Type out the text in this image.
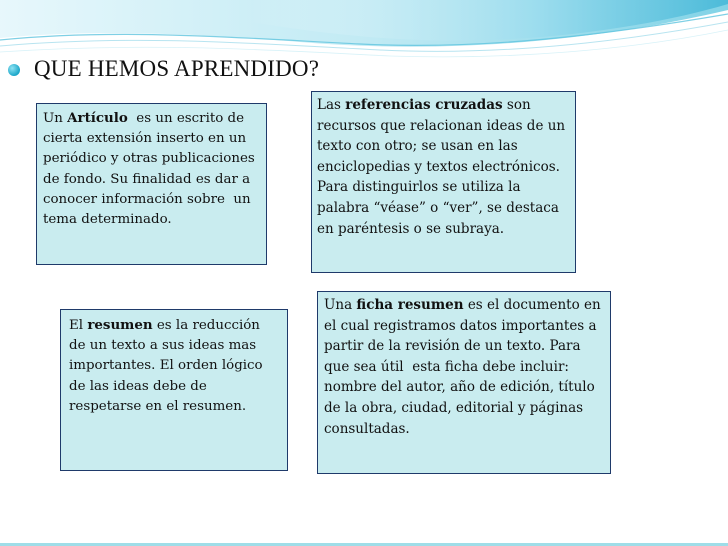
QUE HEMOS APRENDIDO?
Un Artículo  es un escrito de cierta extensión inserto en un periódico y otras publicaciones de fondo. Su finalidad es dar a conocer información sobre  un tema determinado.
Las referencias cruzadas son recursos que relacionan ideas de un texto con otro; se usan en las enciclopedias y textos electrónicos. Para distinguirlos se utiliza la palabra “véase” o “ver”, se destaca en paréntesis o se subraya.
El resumen es la reducción de un texto a sus ideas mas importantes. El orden lógico de las ideas debe de respetarse en el resumen.
Una ficha resumen es el documento en el cual registramos datos importantes a partir de la revisión de un texto. Para que sea útil  esta ficha debe incluir: nombre del autor, año de edición, título de la obra, ciudad, editorial y páginas consultadas.
